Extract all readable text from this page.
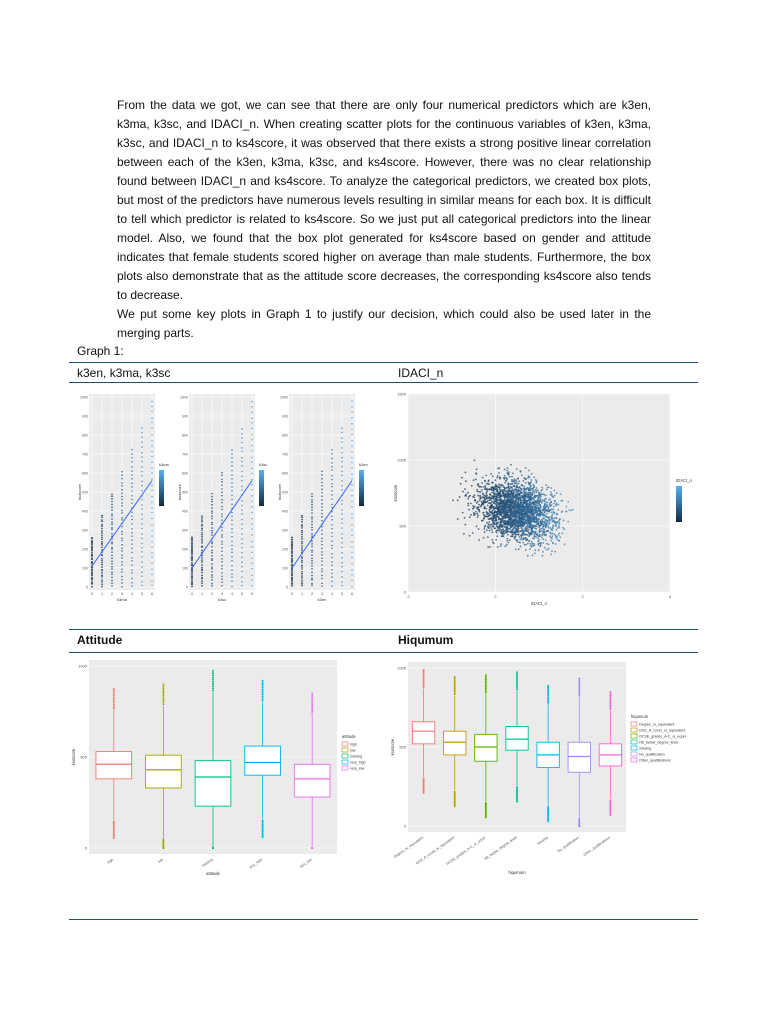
From the data we got, we can see that there are only four numerical predictors which are k3en, k3ma, k3sc, and IDACI_n. When creating scatter plots for the continuous variables of k3en, k3ma, k3sc, and IDACI_n to ks4score, it was observed that there exists a strong positive linear correlation between each of the k3en, k3ma, k3sc, and ks4score. However, there was no clear relationship found between IDACI_n and ks4score. To analyze the categorical predictors, we created box plots, but most of the predictors have numerous levels resulting in similar means for each box. It is difficult to tell which predictor is related to ks4score. So we just put all categorical predictors into the linear model. Also, we found that the box plot generated for ks4score based on gender and attitude indicates that female students scored higher on average than male students. Furthermore, the box plots also demonstrate that as the attitude score decreases, the corresponding ks4score also tends to decrease.

We put some key plots in Graph 1 to justify our decision, which could also be used later in the merging parts.

Graph 1:
k3en, k3ma, k3sc	IDACI_n
0
100
200
300
400
500
600
700
800
900
1000
0 1 2 3 4 5 6
ks4score
k3ma
k3ma
0
100
200
300
400
500
600
700
800
900
1000
0 1 2 3 4 5 6
ks4score
k3sc
k3sc
0
100
200
300
400
500
600
700
800
900
1000
0 1 2 3 4 5 6
ks4score
k3en
k3en
0
500
1000
1500
-2	0	2	4
IDACI_n
ks4score
IDACI_n
Attitude	Hiqumum
0
500
1000
high	low	missing	very_high	very_low
attitude
ks4score
attitude
high
low
missing
very_high
very_low
0
500
1000
Degree_or_equivalent
GCE_A_Level_or_equivalent
GCSE_grades_A-C_or_equiv
HE_below_degree_level	missing No_qualification Other_qualifications
hiqumum
ks4score
hiqumum
Degree_or_equivalent
GCE_A_Level_or_equivalent
GCSE_grades_A-C_or_equiv
HE_below_degree_level
missing
No_qualification
Other_qualifications
